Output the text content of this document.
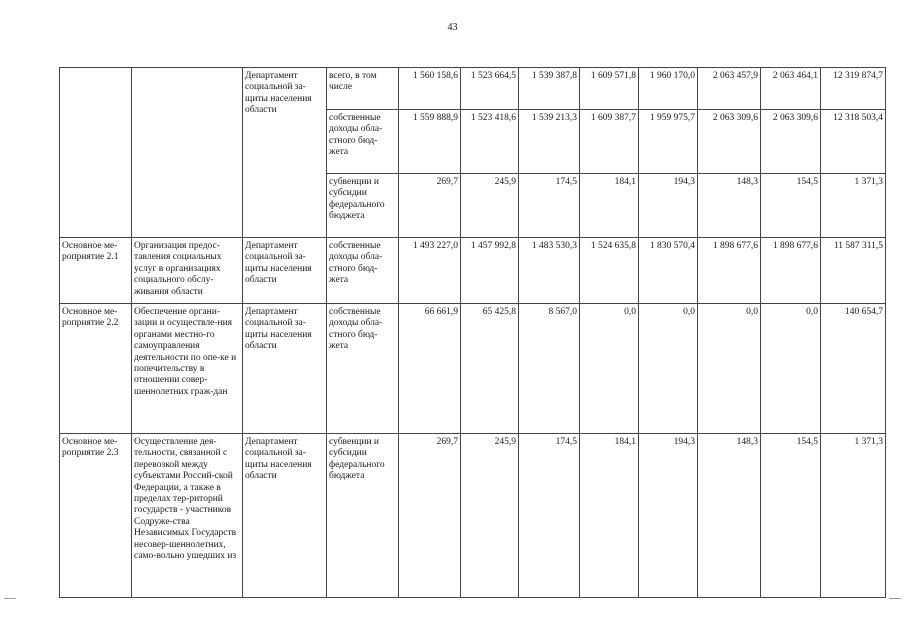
43
		Департамент социальной за-щиты населения области	всего, в том числе	1 560 158,6	1 523 664,5	1 539 387,8	1 609 571,8	1 960 170,0	2 063 457,9	2 063 464,1	12 319 874,7
			собственные доходы обла-стного бюд-жета	1 559 888,9	1 523 418,6	1 539 213,3	1 609 387,7	1 959 975,7	2 063 309,6	2 063 309,6	12 318 503,4
			субвенции и субсидии федерального бюджета	269,7	245,9	174,5	184,1	194,3	148,3	154,5	1 371,3
Основное ме-роприятие 2.1	Организация предос-тавления социальных услуг в организациях социального обслу-живания области	Департамент социальной за-щиты населения области	собственные доходы обла-стного бюд-жета	1 493 227,0	1 457 992,8	1 483 530,3	1 524 635,8	1 830 570,4	1 898 677,6	1 898 677,6	11 587 311,5
Основное ме-роприятие 2.2	Обеспечение органи-зации и осуществле-ния органами местно-го самоуправления деятельности по опе-ке и попечительству в отношении совер-шеннолетних граж-дан	Департамент социальной за-щиты населения области	собственные доходы обла-стного бюд-жета	66 661,9	65 425,8	8 567,0	0,0	0,0	0,0	0,0	140 654,7
Основное ме-роприятие 2.3	Осуществление дея-тельности, связанной с перевозкой между субъектами Россий-ской Федерации, а также в пределах тер-риторий государств - участников Содруже-ства Независимых Государств несовер-шеннолетних, само-вольно ушедших из	Департамент социальной за-щиты населения области	субвенции и субсидии федерального бюджета	269,7	245,9	174,5	184,1	194,3	148,3	154,5	1 371,3
